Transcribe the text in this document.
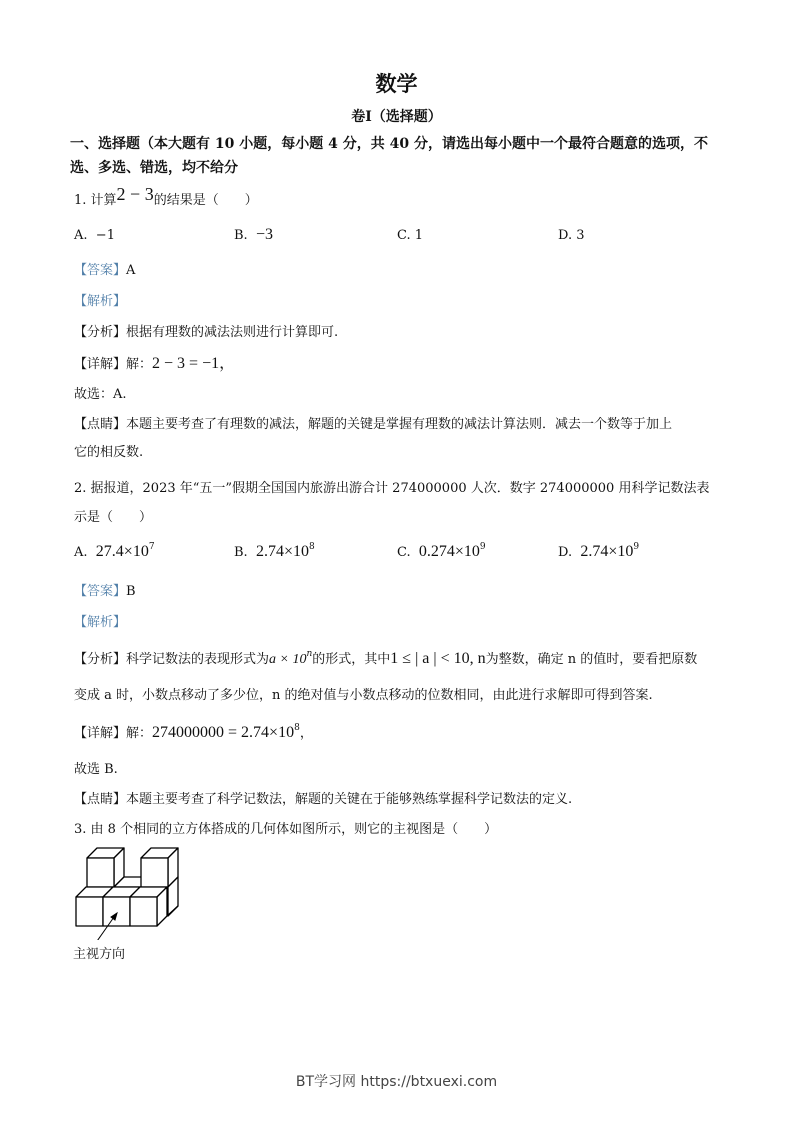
数学
卷Ⅰ（选择题）
一、选择题（本大题有 10 小题，每小题 4 分，共 40 分，请选出每小题中一个最符合题意的选项，不选、多选、错选，均不给分
1. 计算2 − 3的结果是（　　）
A. −1	B. −3	C. 1	D. 3
【答案】A
【解析】
【分析】根据有理数的减法法则进行计算即可.
【详解】解：2 − 3 = −1，
故选：A.
【点睛】本题主要考查了有理数的减法，解题的关键是掌握有理数的减法计算法则．减去一个数等于加上
它的相反数.
2. 据报道，2023 年“五一”假期全国国内旅游出游合计 274000000 人次．数字 274000000 用科学记数法表
示是（　　）
A. $27.4\times 10^7$	B. $2.74\times 10^8$	C. $0.274\times 10^9$	D. $2.74\times 10^9$
【答案】B
【解析】
【分析】科学记数法的表现形式为$a \times 10^n$的形式，其中1 ≤ | a | < 10, n为整数，确定 n 的值时，要看把原数
变成 a 时，小数点移动了多少位，n 的绝对值与小数点移动的位数相同，由此进行求解即可得到答案.
【详解】解：$274000000 = 2.74\times 10^8$，
故选 B.
【点睛】本题主要考查了科学记数法，解题的关键在于能够熟练掌握科学记数法的定义.
3. 由 8 个相同的立方体搭成的几何体如图所示，则它的主视图是（　　）
主视方向
BT学习网 https://btxuexi.com
